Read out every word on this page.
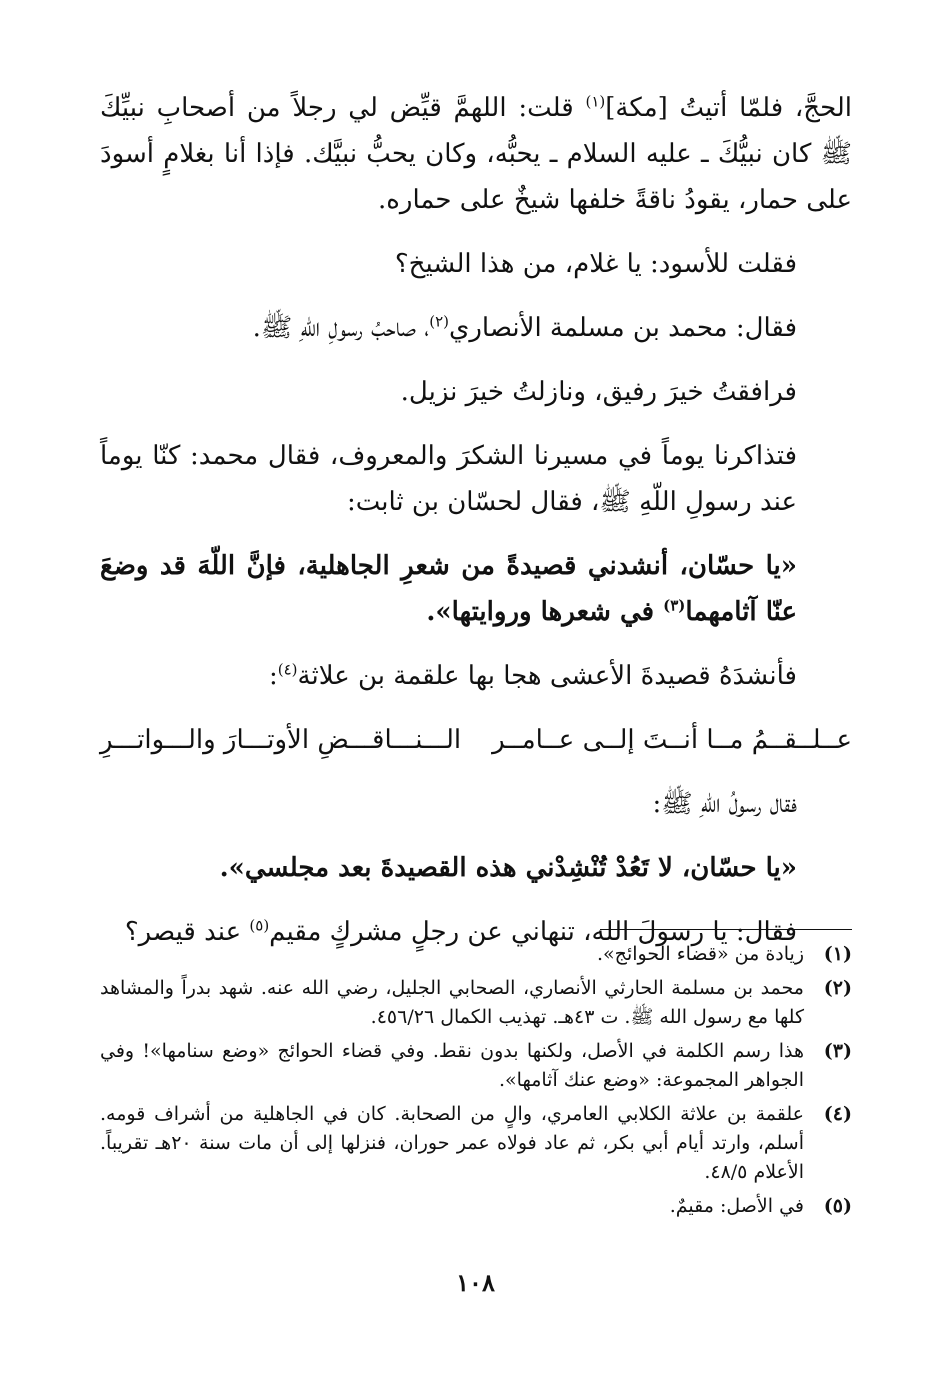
الحجَّ، فلمّا أتيتُ [مكة]$^{(١)}$ قلت: اللهمَّ قيِّض لي رجلاً من أصحابِ نبيِّكَ ﷺ كان نبيُّكَ ـ عليه السلام ـ يحبُّه، وكان يحبُّ نبيَّك. فإذا أنا بغلامٍ أسودَ على حمار، يقودُ ناقةً خلفها شيخٌ على حماره.

فقلت للأسود: يا غلام، من هذا الشيخ؟

فقال: محمد بن مسلمة الأنصاري$^{(٢)}$، صاحبُ رسولِ اللّهِ ﷺ.

فرافقتُ خيرَ رفيق، ونازلتُ خيرَ نزيل.

فتذاكرنا يوماً في مسيرنا الشكرَ والمعروف، فقال محمد: كنّا يوماً عند رسولِ اللّهِ ﷺ، فقال لحسّان بن ثابت:

«يا حسّان، أنشدني قصيدةً من شعرِ الجاهلية، فإنَّ اللّهَ قد وضعَ عنّا آثامهما$^{(٣)}$ في شعرها وروايتها».

فأنشدَهُ قصيدةَ الأعشى هجا بها علقمة بن علاثة$^{(٤)}$:

عــلــقــمُ مــا أنــتَ إلــى عــامــر
الـــنـــاقـــضِ الأوتـــارَ والـــواتـــرِ

فقال رسولُ اللّهِ ﷺ:

«يا حسّان، لا تَعُدْ تُنْشِدْني هذه القصيدةَ بعد مجلسي».

فقال: يا رسولَ الله، تنهاني عن رجلٍ مشركٍ مقيم$^{(٥)}$ عند قيصر؟

(١)
زيادة من «قضاء الحوائج».
(٢)
محمد بن مسلمة الحارثي الأنصاري، الصحابي الجليل، رضي الله عنه. شهد بدراً والمشاهد كلها مع رسول الله ﷺ. ت ٤٣هـ. تهذيب الكمال ٤٥٦/٢٦.
(٣)
هذا رسم الكلمة في الأصل، ولكنها بدون نقط. وفي قضاء الحوائج «وضع سنامها»! وفي الجواهر المجموعة: «وضع عنك آثامها».
(٤)
علقمة بن علاثة الكلابي العامري، والٍ من الصحابة. كان في الجاهلية من أشراف قومه. أسلم، وارتد أيام أبي بكر، ثم عاد فولاه عمر حوران، فنزلها إلى أن مات سنة ٢٠هـ تقريباً. الأعلام ٤٨/٥.
(٥)
في الأصل: مقيمٌ.
١٠٨
